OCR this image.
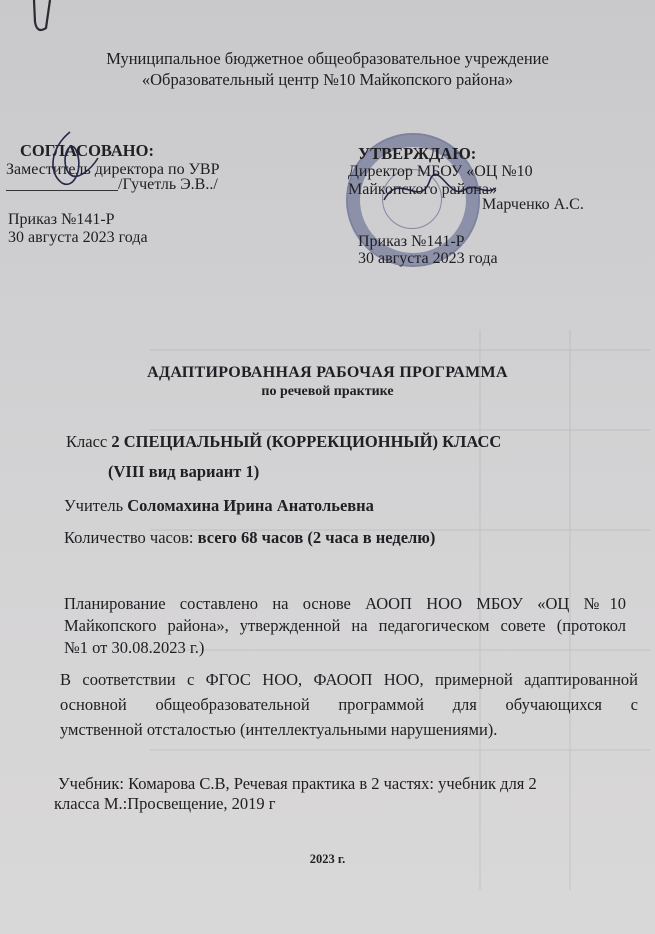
Муниципальное бюджетное общеобразовательное учреждение
«Образовательный центр №10 Майкопского района»
СОГЛАСОВАНО:
Заместитель директора по УВР
/Гучетль Э.В../
Приказ №141-Р
30 августа 2023 года
УТВЕРЖДАЮ:
Директор МБОУ «ОЦ №10
Майкопского района»
Марченко А.С.
Приказ №141-Р
30 августа 2023 года
АДАПТИРОВАННАЯ РАБОЧАЯ ПРОГРАММА
по речевой практике
Класс 2 СПЕЦИАЛЬНЫЙ (КОРРЕКЦИОННЫЙ) КЛАСС
(VIII вид вариант 1)
Учитель Соломахина Ирина Анатольевна
Количество часов: всего 68 часов (2 часа в неделю)
Планирование составлено на основе АООП НОО МБОУ «ОЦ №10
Майкопского района», утвержденной на педагогическом совете (протокол
№1 от 30.08.2023 г.)
В соответствии с ФГОС НОО, ФАООП НОО, примерной адаптированной
основной общеобразовательной программой для обучающихся с
умственной отсталостью (интеллектуальными нарушениями).
Учебник: Комарова С.В, Речевая практика в 2 частях: учебник для 2
класса М.:Просвещение, 2019 г
2023 г.
